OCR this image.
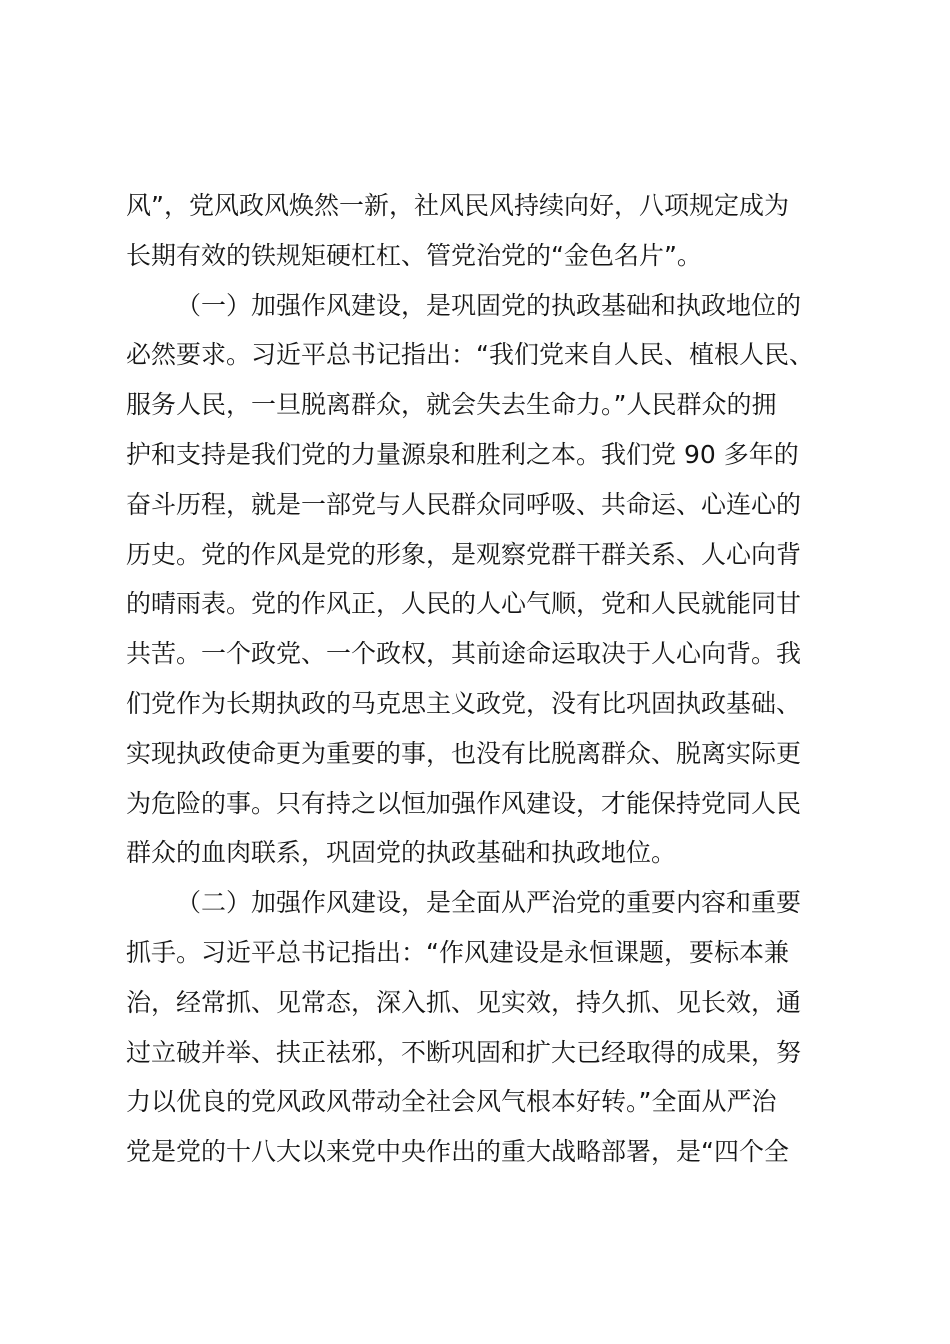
风”，党风政风焕然一新，社风民风持续向好，八项规定成为
长期有效的铁规矩硬杠杠、管党治党的“金色名片”。
（一）加强作风建设，是巩固党的执政基础和执政地位的
必然要求。习近平总书记指出：“我们党来自人民、植根人民、
服务人民，一旦脱离群众，就会失去生命力。”人民群众的拥
护和支持是我们党的力量源泉和胜利之本。我们党 90 多年的
奋斗历程，就是一部党与人民群众同呼吸、共命运、心连心的
历史。党的作风是党的形象，是观察党群干群关系、人心向背
的晴雨表。党的作风正，人民的人心气顺，党和人民就能同甘
共苦。一个政党、一个政权，其前途命运取决于人心向背。我
们党作为长期执政的马克思主义政党，没有比巩固执政基础、
实现执政使命更为重要的事，也没有比脱离群众、脱离实际更
为危险的事。只有持之以恒加强作风建设，才能保持党同人民
群众的血肉联系，巩固党的执政基础和执政地位。
（二）加强作风建设，是全面从严治党的重要内容和重要
抓手。习近平总书记指出：“作风建设是永恒课题，要标本兼
治，经常抓、见常态，深入抓、见实效，持久抓、见长效，通
过立破并举、扶正祛邪，不断巩固和扩大已经取得的成果，努
力以优良的党风政风带动全社会风气根本好转。”全面从严治
党是党的十八大以来党中央作出的重大战略部署，是“四个全
